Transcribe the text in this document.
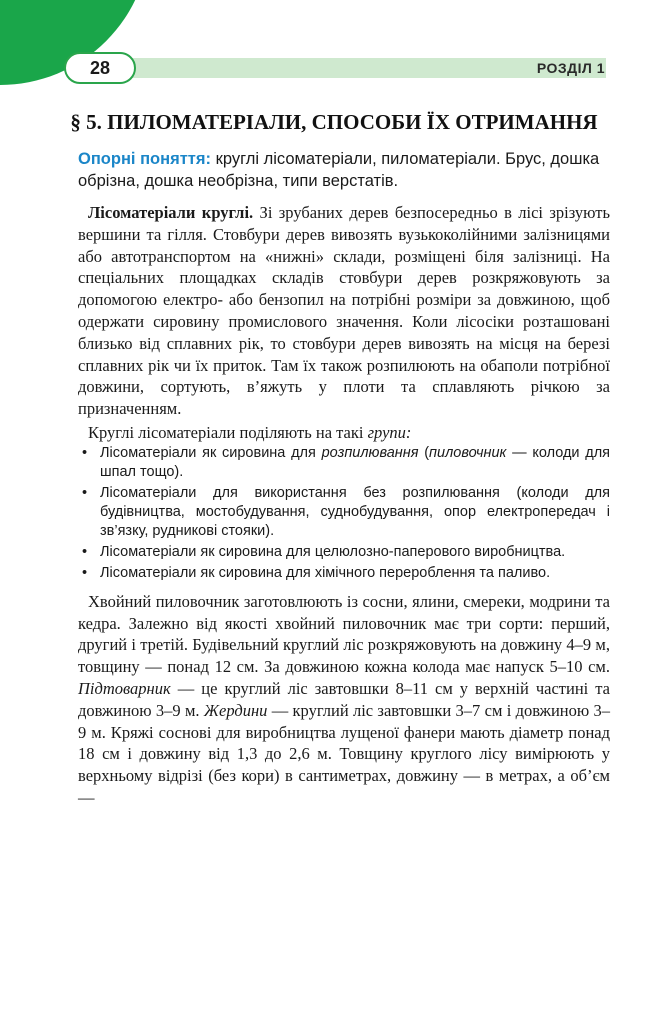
28	РОЗДІЛ 1
§ 5. ПИЛОМАТЕРІАЛИ, СПОСОБИ ЇХ ОТРИМАННЯ

Опорні поняття: круглі лісоматеріали, пиломатеріали. Брус, дошка обрізна, дошка необрізна, типи верстатів.

Лісоматеріали круглі. Зі зрубаних дерев безпосередньо в лісі зрізують вершини та гілля. Стовбури дерев вивозять вузькоколійними залізницями або автотранспортом на «нижні» склади, розміщені біля залізниці. На спеціальних площадках складів стовбури дерев розкряжовують за допомогою електро- або бензопил на потрібні розміри за довжиною, щоб одержати сировину промислового значення. Коли лісосіки розташовані близько від сплавних рік, то стовбури дерев вивозять на місця на березі сплавних рік чи їх приток. Там їх також розпилюють на обаполи потрібної довжини, сортують, в’яжуть у плоти та сплавляють річкою за призначенням.

Круглі лісоматеріали поділяють на такі групи:

• Лісоматеріали як сировина для розпилювання (пиловочник — колоди для шпал тощо).
• Лісоматеріали для використання без розпилювання (колоди для будівництва, мостобудування, суднобудування, опор електропередач і зв’язку, рудникові стояки).
• Лісоматеріали як сировина для целюлозно-паперового виробництва.
• Лісоматеріали як сировина для хімічного перероблення та паливо.

Хвойний пиловочник заготовлюють із сосни, ялини, смереки, модрини та кедра. Залежно від якості хвойний пиловочник має три сорти: перший, другий і третій. Будівельний круглий ліс розкряжовують на довжину 4–9 м, товщину — понад 12 см. За довжиною кожна колода має напуск 5–10 см. Підтоварник — це круглий ліс завтовшки 8–11 см у верхній частині та довжиною 3–9 м. Жердини — круглий ліс завтовшки 3–7 см і довжиною 3–9 м. Кряжі соснові для виробництва лущеної фанери мають діаметр понад 18 см і довжину від 1,3 до 2,6 м. Товщину круглого лісу вимірюють у верхньому відрізі (без кори) в сантиметрах, довжину — в метрах, а об’єм —
